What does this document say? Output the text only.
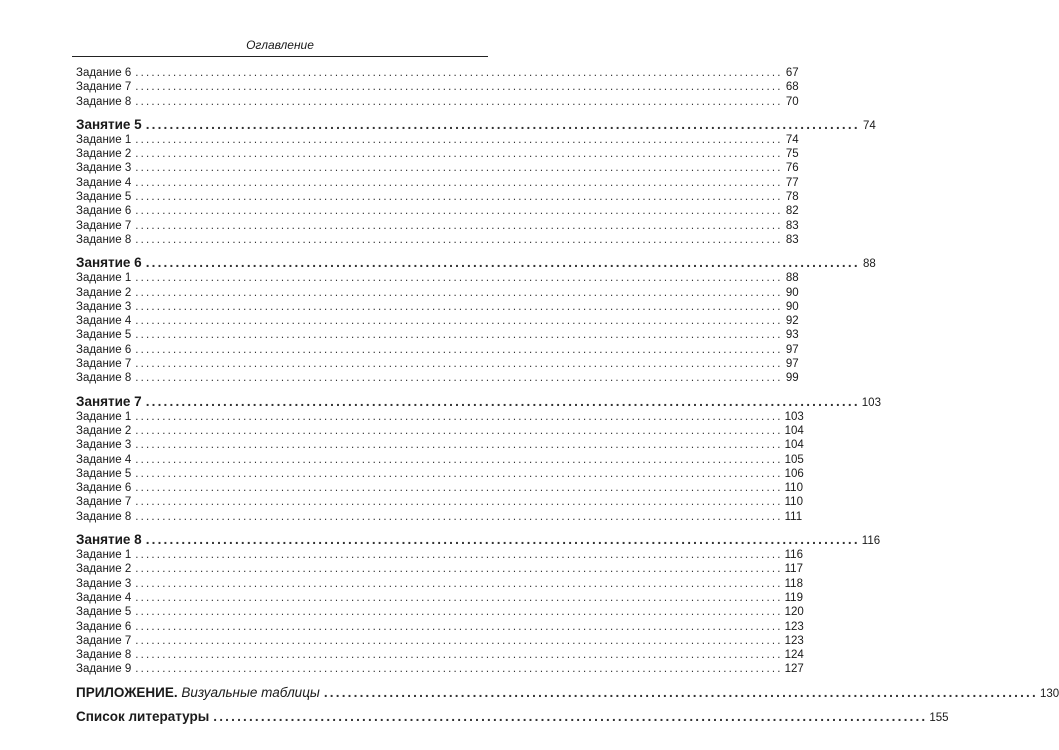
Оглавление
Задание 6 ........................................................................................................................ 67
Задание 7 ........................................................................................................................ 68
Задание 8 ........................................................................................................................ 70
Занятие 5 ........................................................................................................................ 74
Задание 1 ........................................................................................................................ 74
Задание 2 ........................................................................................................................ 75
Задание 3 ........................................................................................................................ 76
Задание 4 ........................................................................................................................ 77
Задание 5 ........................................................................................................................ 78
Задание 6 ........................................................................................................................ 82
Задание 7 ........................................................................................................................ 83
Задание 8 ........................................................................................................................ 83
Занятие 6 ........................................................................................................................ 88
Задание 1 ........................................................................................................................ 88
Задание 2 ........................................................................................................................ 90
Задание 3 ........................................................................................................................ 90
Задание 4 ........................................................................................................................ 92
Задание 5 ........................................................................................................................ 93
Задание 6 ........................................................................................................................ 97
Задание 7 ........................................................................................................................ 97
Задание 8 ........................................................................................................................ 99
Занятие 7 ........................................................................................................................ 103
Задание 1 ........................................................................................................................ 103
Задание 2 ........................................................................................................................ 104
Задание 3 ........................................................................................................................ 104
Задание 4 ........................................................................................................................ 105
Задание 5 ........................................................................................................................ 106
Задание 6 ........................................................................................................................ 110
Задание 7 ........................................................................................................................ 110
Задание 8 ........................................................................................................................ 111
Занятие 8 ........................................................................................................................ 116
Задание 1 ........................................................................................................................ 116
Задание 2 ........................................................................................................................ 117
Задание 3 ........................................................................................................................ 118
Задание 4 ........................................................................................................................ 119
Задание 5 ........................................................................................................................ 120
Задание 6 ........................................................................................................................ 123
Задание 7 ........................................................................................................................ 123
Задание 8 ........................................................................................................................ 124
Задание 9 ........................................................................................................................ 127
ПРИЛОЖЕНИЕ. Визуальные таблицы ........................................................................................................................ 130
Список литературы ........................................................................................................................ 155
